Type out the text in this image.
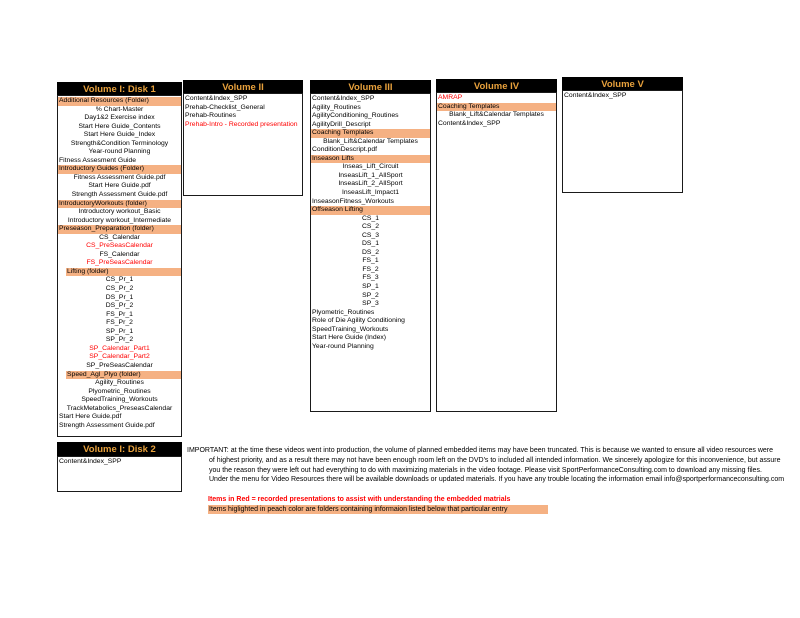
Volume I: Disk 1
Additional Resources (Folder)
% Chart-Master
Day1&2 Exercise index
Start Here Guide_Contents
Start Here Guide_Index
Strength&Condition Terminology
Year-round Planning
Fitness Assesment Guide
Introductory Guides (Folder)
Fitness Assessment Guide.pdf
Start Here Guide.pdf
Strength Assessment Guide.pdf
IntroductoryWorkouts (folder)
Introductory workout_Basic
Introductory workout_Intermediate
Preseason_Preparation (folder)
CS_Calendar
CS_PreSeasCalendar
FS_Calendar
FS_PreSeasCalendar
Lifting (folder)
CS_Pr_1
CS_Pr_2
DS_Pr_1
DS_Pr_2
FS_Pr_1
FS_Pr_2
SP_Pr_1
SP_Pr_2
SP_Calendar_Part1
SP_Calendar_Part2
SP_PreSeasCalendar
Speed_Agl_Plyo (folder)
Agility_Routines
Plyometric_Routines
SpeedTraining_Workouts
TrackMetabolics_PreseasCalendar
Start Here Guide.pdf
Strength Assessment Guide.pdf
Volume II
Content&Index_SPP
Prehab-Checklist_General
Prehab-Routines
Prehab-Intro - Recorded presentation
Volume III
Content&Index_SPP
Agility_Routines
AgilityConditioning_Routines
AgilityDrill_Descript
Coaching Templates
Blank_Lift&Calendar Templates
ConditionDescript.pdf
Inseason Lifts
Inseas_Lift_Circuit
InseasLift_1_AllSport
InseasLift_2_AllSport
InseasLift_Impact1
InseasonFitness_Workouts
Offseason Lifting
CS_1
CS_2
CS_3
DS_1
DS_2
FS_1
FS_2
FS_3
SP_1
SP_2
SP_3
Plyometric_Routines
Role of Die Agility Conditioning
SpeedTraining_Workouts
Start Here Guide (Index)
Year-round Planning
Volume IV
AMRAP
Coaching Templates
Blank_Lift&Calendar Templates
Content&Index_SPP
Volume V
Content&Index_SPP
Volume I: Disk 2
Content&Index_SPP
IMPORTANT: at the time these videos went into production, the volume of planned embedded items may have been truncated. This is because we wanted to ensure all video resources were
of highest priority, and as a result there may not have been enough room left on the DVD's to included all intended information. We sincerely apologize for this inconvenience, but assure
you the reason they were left out had everything to do with maximizing materials in the video footage. Please visit SportPerformanceConsulting.com to download any missing files.
Under the menu for Video Resources there will be available downloads or updated materials. If you have any trouble locating the information email info@sportperformanceconsulting.com
Items in Red = recorded presentations to assist with understanding the embedded matrials
Items higlighted in peach color are folders containing informaion listed below that particular entry
